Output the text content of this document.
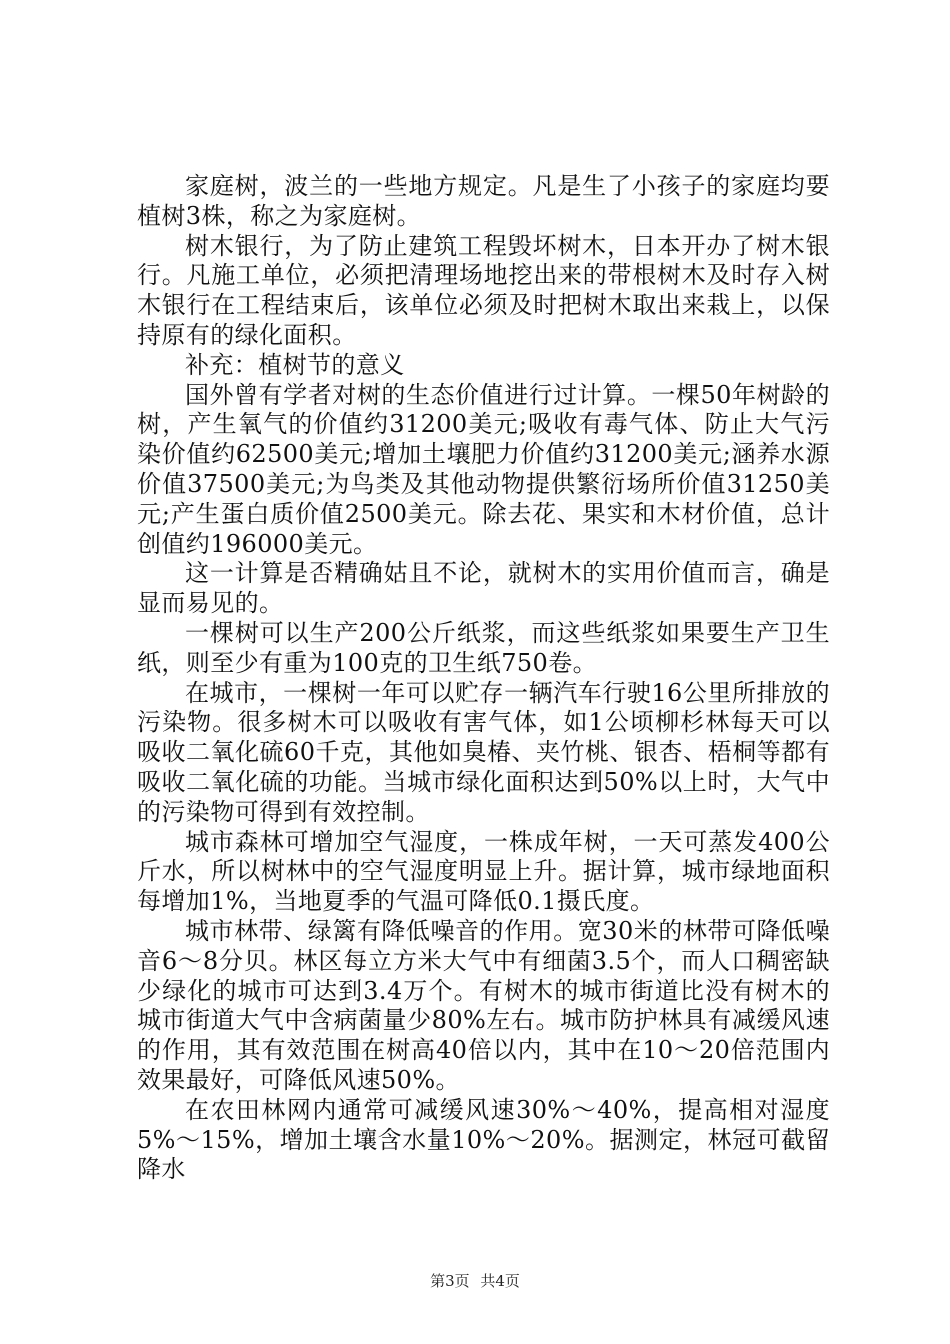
家庭树，波兰的一些地方规定。凡是生了小孩子的家庭均要植树3株，称之为家庭树。

树木银行，为了防止建筑工程毁坏树木，日本开办了树木银行。凡施工单位，必须把清理场地挖出来的带根树木及时存入树木银行在工程结束后，该单位必须及时把树木取出来栽上，以保持原有的绿化面积。

补充：植树节的意义

国外曾有学者对树的生态价值进行过计算。一棵50年树龄的树，产生氧气的价值约31200美元;吸收有毒气体、防止大气污染价值约62500美元;增加土壤肥力价值约31200美元;涵养水源价值37500美元;为鸟类及其他动物提供繁衍场所价值31250美元;产生蛋白质价值2500美元。除去花、果实和木材价值，总计创值约196000美元。

这一计算是否精确姑且不论，就树木的实用价值而言，确是显而易见的。

一棵树可以生产200公斤纸浆，而这些纸浆如果要生产卫生纸，则至少有重为100克的卫生纸750卷。

在城市，一棵树一年可以贮存一辆汽车行驶16公里所排放的污染物。很多树木可以吸收有害气体，如1公顷柳杉林每天可以吸收二氧化硫60千克，其他如臭椿、夹竹桃、银杏、梧桐等都有吸收二氧化硫的功能。当城市绿化面积达到50%以上时，大气中的污染物可得到有效控制。

城市森林可增加空气湿度，一株成年树，一天可蒸发400公斤水，所以树林中的空气湿度明显上升。据计算，城市绿地面积每增加1%，当地夏季的气温可降低0.1摄氏度。

城市林带、绿篱有降低噪音的作用。宽30米的林带可降低噪音6～8分贝。林区每立方米大气中有细菌3.5个，而人口稠密缺少绿化的城市可达到3.4万个。有树木的城市街道比没有树木的城市街道大气中含病菌量少80%左右。城市防护林具有减缓风速的作用，其有效范围在树高40倍以内，其中在10～20倍范围内效果最好，可降低风速50%。

在农田林网内通常可减缓风速30%～40%，提高相对湿度5%～15%，增加土壤含水量10%～20%。据测定，林冠可截留降水

第3页 共4页
